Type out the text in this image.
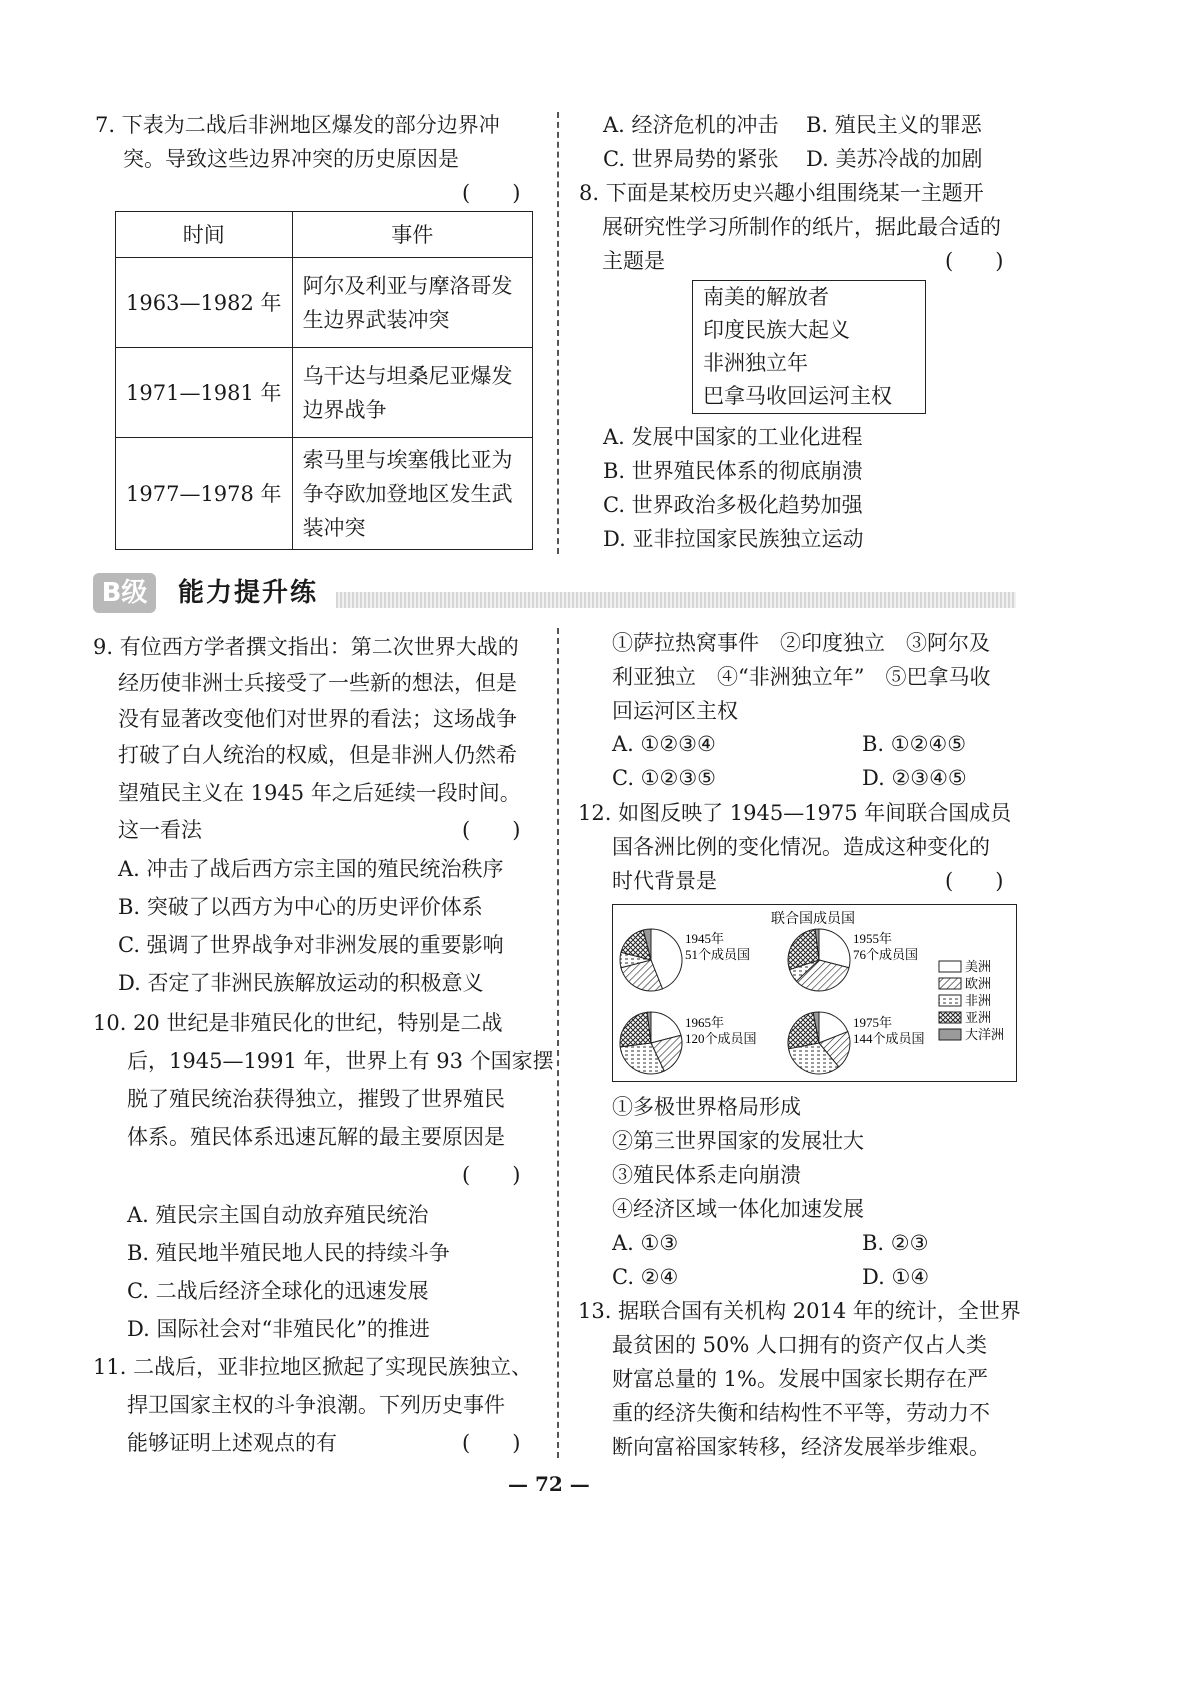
7. 下表为二战后非洲地区爆发的部分边界冲
突。导致这些边界冲突的历史原因是
(　　)
时间	事件
1963—1982 年	阿尔及利亚与摩洛哥发
生边界武装冲突

1971—1981 年	乌干达与坦桑尼亚爆发
边界战争

1977—1978 年	索马里与埃塞俄比亚为
争夺欧加登地区发生武
装冲突
A. 经济危机的冲击 B. 殖民主义的罪恶
C. 世界局势的紧张 D. 美苏冷战的加剧
8. 下面是某校历史兴趣小组围绕某一主题开
展研究性学习所制作的纸片，据此最合适的
主题是	(　　)
南美的解放者
印度民族大起义
非洲独立年
巴拿马收回运河主权
A. 发展中国家的工业化进程
B. 世界殖民体系的彻底崩溃
C. 世界政治多极化趋势加强
D. 亚非拉国家民族独立运动
B级	能力提升练
9. 有位西方学者撰文指出：第二次世界大战的
经历使非洲士兵接受了一些新的想法，但是
没有显著改变他们对世界的看法；这场战争
打破了白人统治的权威，但是非洲人仍然希
望殖民主义在 1945 年之后延续一段时间。
这一看法	(　　)
A. 冲击了战后西方宗主国的殖民统治秩序
B. 突破了以西方为中心的历史评价体系
C. 强调了世界战争对非洲发展的重要影响
D. 否定了非洲民族解放运动的积极意义
10. 20 世纪是非殖民化的世纪，特别是二战
后，1945—1991 年，世界上有 93 个国家摆
脱了殖民统治获得独立，摧毁了世界殖民
体系。殖民体系迅速瓦解的最主要原因是
(　　)
A. 殖民宗主国自动放弃殖民统治
B. 殖民地半殖民地人民的持续斗争
C. 二战后经济全球化的迅速发展
D. 国际社会对“非殖民化”的推进
11. 二战后，亚非拉地区掀起了实现民族独立、
捍卫国家主权的斗争浪潮。下列历史事件
能够证明上述观点的有	(　　)
①萨拉热窝事件　②印度独立　③阿尔及
利亚独立　④“非洲独立年”　⑤巴拿马收
回运河区主权
A. ①②③④	B. ①②④⑤
C. ①②③⑤	D. ②③④⑤
12. 如图反映了 1945—1975 年间联合国成员
国各洲比例的变化情况。造成这种变化的
时代背景是	(　　)
联合国成员国
1945年
51个成员国
1955年
76个成员国
1965年
120个成员国
1975年
144个成员国
美洲
欧洲
非洲
亚洲
大洋洲
①多极世界格局形成
②第三世界国家的发展壮大
③殖民体系走向崩溃
④经济区域一体化加速发展
A. ①③	B. ②③
C. ②④	D. ①④
13. 据联合国有关机构 2014 年的统计，全世界
最贫困的 50% 人口拥有的资产仅占人类
财富总量的 1%。发展中国家长期存在严
重的经济失衡和结构性不平等，劳动力不
断向富裕国家转移，经济发展举步维艰。
— 72 —
